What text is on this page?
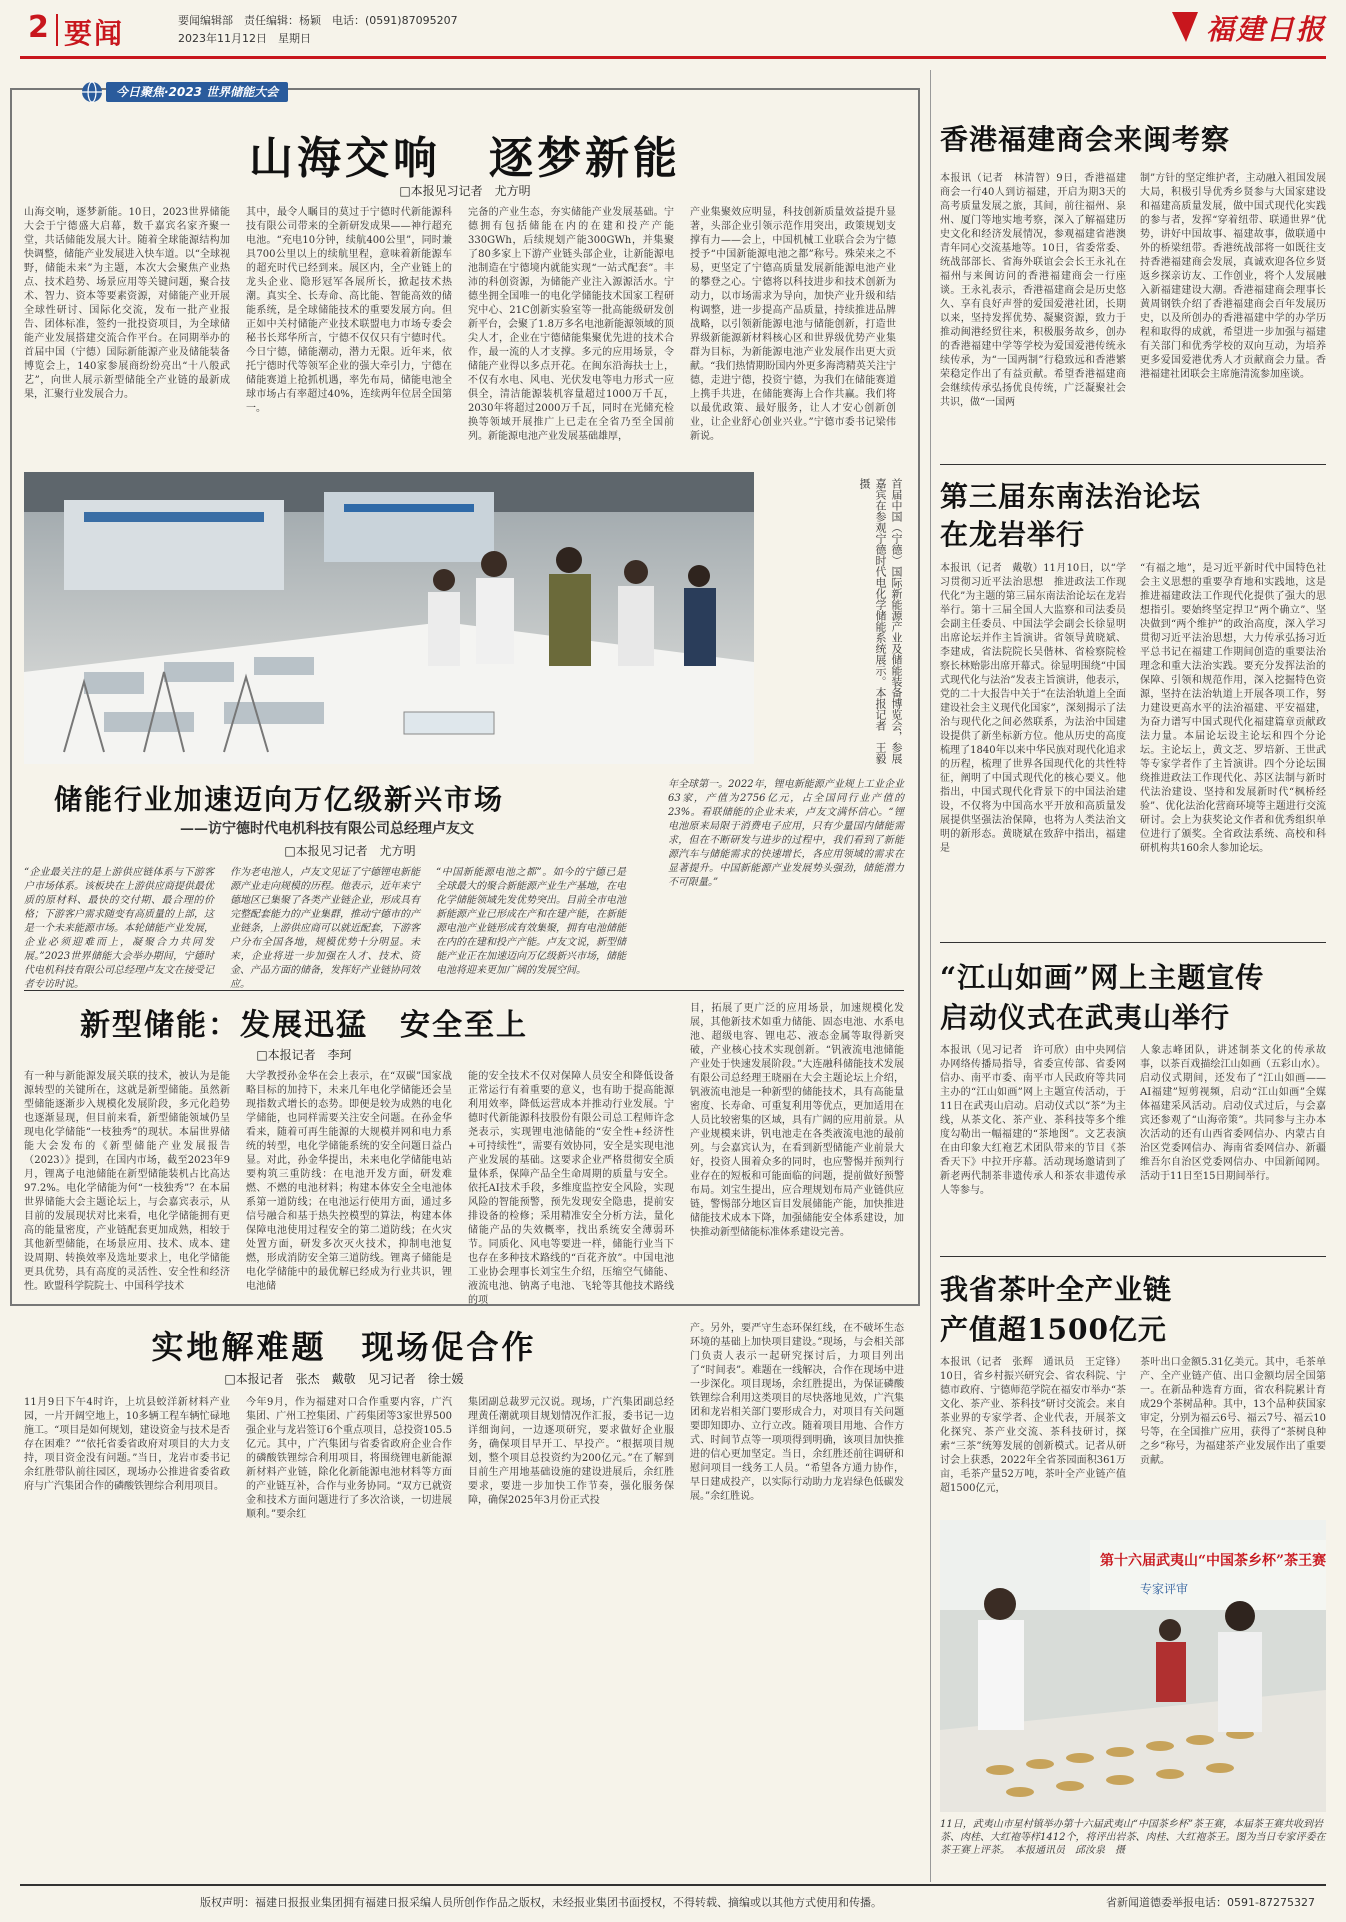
2 要闻	要闻编辑部　责任编辑：杨颖　电话：(0591)87095207
2023年11月12日　星期日	福建日报
今日聚焦·2023 世界储能大会
山海交响　逐梦新能
□本报见习记者　尤方明
山海交响，逐梦新能。10日，2023世界储能大会于宁德盛大启幕，数千嘉宾名家齐聚一堂，共话储能发展大计。随着全球能源结构加快调整，储能产业发展进入快车道。以“全球视野，储能未来”为主题，本次大会聚焦产业热点、技术趋势、场景应用等关键问题，聚合技术、智力、资本等要素资源，对储能产业开展全球性研讨、国际化交流，发布一批产业报告、团体标准，签约一批投资项目，为全球储能产业发展搭建交流合作平台。在同期举办的首届中国（宁德）国际新能源产业及储能装备博览会上，140家参展商纷纷亮出“十八般武艺”，向世人展示新型储能全产业链的最新成果，汇聚行业发展合力。
其中，最令人瞩目的莫过于宁德时代新能源科技有限公司带来的全新研发成果——神行超充电池。“充电10分钟，续航400公里”，同时兼具700公里以上的续航里程，意味着新能源车的超充时代已经到来。展区内，全产业链上的龙头企业、隐形冠军各展所长，掀起技术热潮。真实全、长寿命、高比能、智能高效的储能系统，是全球储能技术的重要发展方向。但正如中关村储能产业技术联盟电力市场专委会秘书长郑华所言，宁德不仅仅只有宁德时代。今日宁德，储能潮动，潜力无限。近年来，依托宁德时代等领军企业的强大牵引力，宁德在储能赛道上抢抓机遇，率先布局，储能电池全球市场占有率超过40%，连续两年位居全国第一。
完备的产业生态，夯实储能产业发展基础。宁德拥有包括储能在内的在建和投产产能330GWh，后续规划产能300GWh，并集聚了80多家上下游产业链头部企业，让新能源电池制造在宁德境内就能实现“一站式配套”。丰沛的科创资源，为储能产业注入源源活水。宁德坐拥全国唯一的电化学储能技术国家工程研究中心、21C创新实验室等一批高能级研发创新平台，会聚了1.8万多名电池新能源领域的顶尖人才，企业在宁德储能集聚优先进的技术合作，最一流的人才支撑。多元的应用场景，令储能产业得以多点开花。在闽东沿海扶士上，不仅有水电、风电、光伏发电等电力形式一应俱全，清洁能源装机容量超过1000万千瓦，2030年将超过2000万千瓦，同时在光储充检换等领域开展推广上已走在全省乃至全国前列。新能源电池产业发展基础雄厚，
产业集聚效应明显，科技创新质量效益提升显著，头部企业引领示范作用突出，政策规划支撑有力——会上，中国机械工业联合会为宁德授予“中国新能源电池之都”称号。殊荣来之不易，更坚定了宁德高质量发展新能源电池产业的攀登之心。宁德将以科技进步和技术创新为动力，以市场需求为导向，加快产业升级和结构调整，进一步提高产品质量，持续推进品牌战略，以引领新能源电池与储能创新，打造世界级新能源新材料核心区和世界级优势产业集群为目标，为新能源电池产业发展作出更大贡献。“我们热情期盼国内外更多海湾精英关注宁德，走进宁德，投资宁德，为我们在储能赛道上携手共进，在储能赛海上合作共赢。我们将以最优政策、最好服务，让人才安心创新创业，让企业舒心创业兴业。”宁德市委书记梁伟新说。
首届中国（宁德）国际新能源产业及储能装备博览会，参展嘉宾在参观宁德时代电化学储能系统展示。本报记者　王毅　摄
储能行业加速迈向万亿级新兴市场
——访宁德时代电机科技有限公司总经理卢友文
□本报见习记者　尤方明
“企业最关注的是上游供应链体系与下游客户市场体系。该板块在上游供应商提供最优质的原材料、最快的交付期、最合理的价格；下游客户需求随变有高质量的上部，这是一个未来能源市场。本轮储能产业发展，企业必须迎难而上，凝聚合力共同发展。”2023世界储能大会举办期间，宁德时代电机科技有限公司总经理卢友文在接受记者专访时说。
作为老电池人，卢友文见证了宁德锂电新能源产业走向规模的历程。他表示，近年来宁德地区已集聚了各类产业链企业，形成具有完整配套能力的产业集群，推动宁德市的产业链条，上游供应商可以就近配套，下游客户分布全国各地，规模优势十分明显。未来，企业将进一步加强在人才、技术、资金、产品方面的储备，发挥好产业链协同效应。
“中国新能源电池之都”。如今的宁德已是全球最大的聚合新能源产业生产基地，在电化学储能领域先发优势突出。目前全市电池新能源产业已形成在产和在建产能，在新能源电池产业链形成有效集聚，拥有电池储能在内的在建和投产产能。卢友文说，新型储能产业正在加速迈向万亿级新兴市场，储能电池将迎来更加广阔的发展空间。
年全球第一。2022年，锂电新能源产业规上工业企业63家，产值为2756亿元，占全国同行业产值的23%。看联储能的企业未来，卢友文满怀信心。“锂电池原来局限于消费电子应用，只有少量国内储能需求，但在不断研发与进步的过程中，我们看到了新能源汽车与储能需求的快速增长，各应用领域的需求在显著提升。中国新能源产业发展势头强劲，储能潜力不可限量。”
新型储能：发展迅猛　安全至上
□本报记者　李珂
有一种与新能源发展关联的技术，被认为是能源转型的关键所在，这就是新型储能。虽然新型储能逐渐步入规模化发展阶段，多元化趋势也逐渐显现，但目前来看，新型储能领域仍呈现电化学储能“一枝独秀”的现状。本届世界储能大会发布的《新型储能产业发展报告（2023）》提到，在国内市场，截至2023年9月，锂离子电池储能在新型储能装机占比高达97.2%。电化学储能为何“一枝独秀”？在本届世界储能大会主题论坛上，与会嘉宾表示，从目前的发展现状对比来看，电化学储能拥有更高的能量密度，产业链配套更加成熟，相较于其他新型储能，在场景应用、技术、成本、建设周期、转换效率及选址要求上，电化学储能更具优势，具有高度的灵活性、安全性和经济性。欧盟科学院院士、中国科学技术
大学教授孙金华在会上表示，在“双碳”国家战略目标的加持下，未来几年电化学储能还会呈现指数式增长的态势。即便是较为成熟的电化学储能，也同样需要关注安全问题。在孙金华看来，随着可再生能源的大规模并网和电力系统的转型，电化学储能系统的安全问题日益凸显。对此，孙金华提出，未来电化学储能电站要构筑三重防线：在电池开发方面，研发难燃、不燃的电池材料；构建本体安全全电池体系第一道防线；在电池运行使用方面，通过多信号融合和基于热失控模型的算法，构建本体保障电池使用过程安全的第二道防线；在火灾处置方面，研发多次灭火技术，抑制电池复燃，形成消防安全第三道防线。锂离子储能是电化学储能中的最优解已经成为行业共识，锂电池储
能的安全技术不仅对保障人员安全和降低设备正常运行有着重要的意义，也有助于提高能源利用效率，降低运营成本并推动行业发展。宁德时代新能源科技股份有限公司总工程师许念尧表示，实现锂电池储能的“安全性+经济性+可持续性”，需要有效协同，安全是实现电池产业发展的基础。这要求企业严格贯彻安全质量体系，保障产品全生命周期的质量与安全。依托AI技术手段，多维度监控安全风险，实现风险的智能预警，预先发现安全隐患，提前安排设备的检修；采用精准安全分析方法，量化储能产品的失效概率，找出系统安全薄弱环节。同质化、风电等要进一样，储能行业当下也存在多种技术路线的“百花齐放”。中国电池工业协会理事长刘宝生介绍，压缩空气储能、液流电池、钠离子电池、飞轮等其他技术路线的项
目，拓展了更广泛的应用场景，加速规模化发展，其他新技术如重力储能、固态电池、水系电池、超级电容、锂电芯、液态金属等取得新突破，产业核心技术实现创新。“钒液流电池储能产业处于快速发展阶段。”大连融科储能技术发展有限公司总经理王晓丽在大会主题论坛上介绍，钒液流电池是一种新型的储能技术，具有高能量密度、长寿命、可重复利用等优点，更加适用在人员比较密集的区域，具有广阔的应用前景。从产业规模来讲，钒电池走在各类液流电池的最前列。与会嘉宾认为，在看到新型储能产业前景大好，投资人围着众多的同时，也应警惕并预判行业存在的短板和可能面临的问题，提前做好预警布局。刘宝生提出，应合理规划布局产业链供应链，警惕部分地区盲目发展储能产能，加快推进储能技术成本下降，加强储能安全体系建设，加快推动新型储能标准体系建设完善。
实地解难题　现场促合作
□本报记者　张杰　戴敬　见习记者　徐士媛
11月9日下午4时许，上坑县蛟洋新材料产业园，一片开阔空地上，10多辆工程车辆忙碌地施工。“项目是如何规划，建设资金与技术是否存在困难？”“依托省委省政府对项目的大力支持，项目资金没有问题。”当日，龙岩市委书记余红胜带队前往园区，现场办公推进省委省政府与广汽集团合作的磷酸铁锂综合利用项目。
今年9月，作为福建对口合作重要内容，广汽集团、广州工控集团、广药集团等3家世界500强企业与龙岩签订6个重点项目，总投资105.5亿元。其中，广汽集团与省委省政府企业合作的磷酸铁锂综合利用项目，将围绕锂电新能源新材料产业链，除化化新能源电池材料等方面的产业链互补，合作与业务协同。“双方已就资金和技术方面问题进行了多次洽谈，一切进展顺利。”要余红
集团副总裁罗元汉说。现场，广汽集团副总经理黄任潮就项目规划情况作汇报，委书记一边详细询问，一边逐项研究，要求做好企业服务，确保项目早开工、早投产。“根据项目规划，整个项目总投资约为200亿元。”在了解到目前生产用地基础设施的建设进展后，余红胜要求，要进一步加快工作节奏，强化服务保障，确保2025年3月份正式投
产。另外，要严守生态环保红线，在不破坏生态环境的基础上加快项目建设。”现场，与会相关部门负责人表示一起研究探讨后，力项目列出了“时间表”。难题在一线解决，合作在现场中进一步深化。项目现场，余红胜提出，为保证磷酸铁锂综合利用这类项目的尽快落地见效，广汽集团和龙岩相关部门要形成合力，对项目有关问题要即知即办、立行立改。随着项目用地、合作方式、时间节点等一项项得到明确，该项目加快推进的信心更加坚定。当日，余红胜还前往调研和慰问项目一线务工人员。“希望各方通力协作，早日建成投产，以实际行动助力龙岩绿色低碳发展。”余红胜说。
香港福建商会来闽考察
本报讯（记者　林清智）9日，香港福建商会一行40人到访福建，开启为期3天的高考质量发展之旅，其间，前往福州、泉州、厦门等地实地考察，深入了解福建历史文化和经济发展情况，参观福建省港澳青年同心交流基地等。10日，省委常委、统战部部长、省海外联谊会会长王永礼在福州与来闽访问的香港福建商会一行座谈。王永礼表示，香港福建商会是历史悠久、享有良好声誉的爱国爱港社团，长期以来，坚持发挥优势、凝聚资源，致力于推动闽港经贸往来，积极服务故乡，创办的香港福建中学等学校为爱国爱港传统永续传承，为“一国两制”行稳致远和香港繁荣稳定作出了有益贡献。希望香港福建商会继续传承弘扬优良传统，广泛凝聚社会共识，做“一国两
制”方针的坚定维护者，主动融入祖国发展大局，积极引导优秀乡贤参与大国家建设和福建高质量发展，做中国式现代化实践的参与者，发挥“穿着纽带、联通世界”优势，讲好中国故事、福建故事，做联通中外的桥梁纽带。香港统战部将一如既往支持香港福建商会发展，真诚欢迎各位乡贤返乡探亲访友、工作创业，将个人发展融入新福建建设大潮。香港福建商会理事长黄周钢铁介绍了香港福建商会百年发展历史，以及所创办的香港福建中学的办学历程和取得的成就，希望进一步加强与福建有关部门和优秀学校的双向互动，为培养更多爱国爱港优秀人才贡献商会力量。香港福建社团联会主席施清流参加座谈。
第三届东南法治论坛在龙岩举行
本报讯（记者　戴敬）11月10日，以“学习贯彻习近平法治思想　推进政法工作现代化”为主题的第三届东南法治论坛在龙岩举行。第十三届全国人大监察和司法委员会副主任委员、中国法学会副会长徐显明出席论坛并作主旨演讲。省领导黄晓斌、李建成，省法院院长吴偕林、省检察院检察长林贻影出席开幕式。徐显明围绕“中国式现代化与法治”发表主旨演讲，他表示，党的二十大报告中关于“在法治轨道上全面建设社会主义现代化国家”，深刻揭示了法治与现代化之间必然联系，为法治中国建设提供了新坐标新方位。他从历史的高度梳理了1840年以来中华民族对现代化追求的历程，梳理了世界各国现代化的共性特征，阐明了中国式现代化的核心要义。他指出，中国式现代化背景下的中国法治建设，不仅将为中国高水平开放和高质量发展提供坚强法治保障，也将为人类法治文明的新形态。黄晓斌在致辞中指出，福建是
“有福之地”，是习近平新时代中国特色社会主义思想的重要孕育地和实践地，这是推进福建政法工作现代化提供了强大的思想指引。要始终坚定捍卫“两个确立”、坚决做到“两个维护”的政治高度，深入学习贯彻习近平法治思想，大力传承弘扬习近平总书记在福建工作期间创造的重要法治理念和重大法治实践。要充分发挥法治的保障、引领和规范作用，深入挖掘特色资源，坚持在法治轨道上开展各项工作，努力建设更高水平的法治福建、平安福建，为奋力谱写中国式现代化福建篇章贡献政法力量。本届论坛设主论坛和四个分论坛。主论坛上，黄文芝、罗培新、王世武等专家学者作了主旨演讲。四个分论坛围绕推进政法工作现代化、苏区法制与新时代法治建设、坚持和发展新时代“枫桥经验”、优化法治化营商环境等主题进行交流研讨。会上为获奖论文作者和优秀组织单位进行了颁奖。全省政法系统、高校和科研机构共160余人参加论坛。
“江山如画”网上主题宣传
启动仪式在武夷山举行
本报讯（见习记者　许可欣）由中央网信办网络传播局指导，省委宣传部、省委网信办、南平市委、南平市人民政府等共同主办的“江山如画”网上主题宣传活动，于11日在武夷山启动。启动仪式以“茶”为主线，从茶文化、茶产业、茶科技等多个维度勾勒出一幅福建的“茶地图”。文艺表演在由印象大红袍艺术团队带来的节目《茶香天下》中拉开序幕。活动现场邀请到了新老两代制茶非遗传承人和茶农非遗传承人等参与。
人象志峰团队，讲述制茶文化的传承故事，以茶百戏描绘江山如画（五彩山水）。启动仪式期间，还发布了“江山如画——AI福建”短剪视频，启动“江山如画”全媒体福建采风活动。启动仪式过后，与会嘉宾还参观了“山海帝策”。共同参与主办本次活动的还有山西省委网信办、内蒙古自治区党委网信办、海南省委网信办、新疆维吾尔自治区党委网信办、中国新闻网。活动于11日至15日期间举行。
我省茶叶全产业链
产值超1500亿元
本报讯（记者　张辉　通讯员　王定锋）10日，省乡村振兴研究会、省农科院、宁德市政府、宁德师范学院在福安市举办“茶文化、茶产业、茶科技”研讨交流会。来自茶业界的专家学者、企业代表，开展茶文化探究、茶产业交流、茶科技研讨，探索“三茶”统筹发展的创新模式。记者从研讨会上获悉，2022年全省茶园面积361万亩，毛茶产量52万吨，茶叶全产业链产值超1500亿元，
茶叶出口金额5.31亿美元。其中，毛茶单产、全产业链产值、出口金额均居全国第一。在新品种选育方面，省农科院累计育成29个茶树品种。其中，13个品种获国家审定，分别为福云6号、福云7号、福云10号等，在全国推广应用，获得了“茶树良种之乡”称号，为福建茶产业发展作出了重要贡献。
第十六届武夷山“中国茶乡杯”茶王赛
专家评审
11日，武夷山市星村镇举办第十六届武夷山“中国茶乡杯”茶王赛，本届茶王赛共收到岩茶、肉桂、大红袍等样1412个，将评出岩茶、肉桂、大红袍茶王。图为当日专家评委在茶王赛上评茶。　本报通讯员　邱汝泉　摄
版权声明：福建日报报业集团拥有福建日报采编人员所创作作品之版权，未经报业集团书面授权，不得转载、摘编或以其他方式使用和传播。	省新闻道德委举报电话：0591-87275327
